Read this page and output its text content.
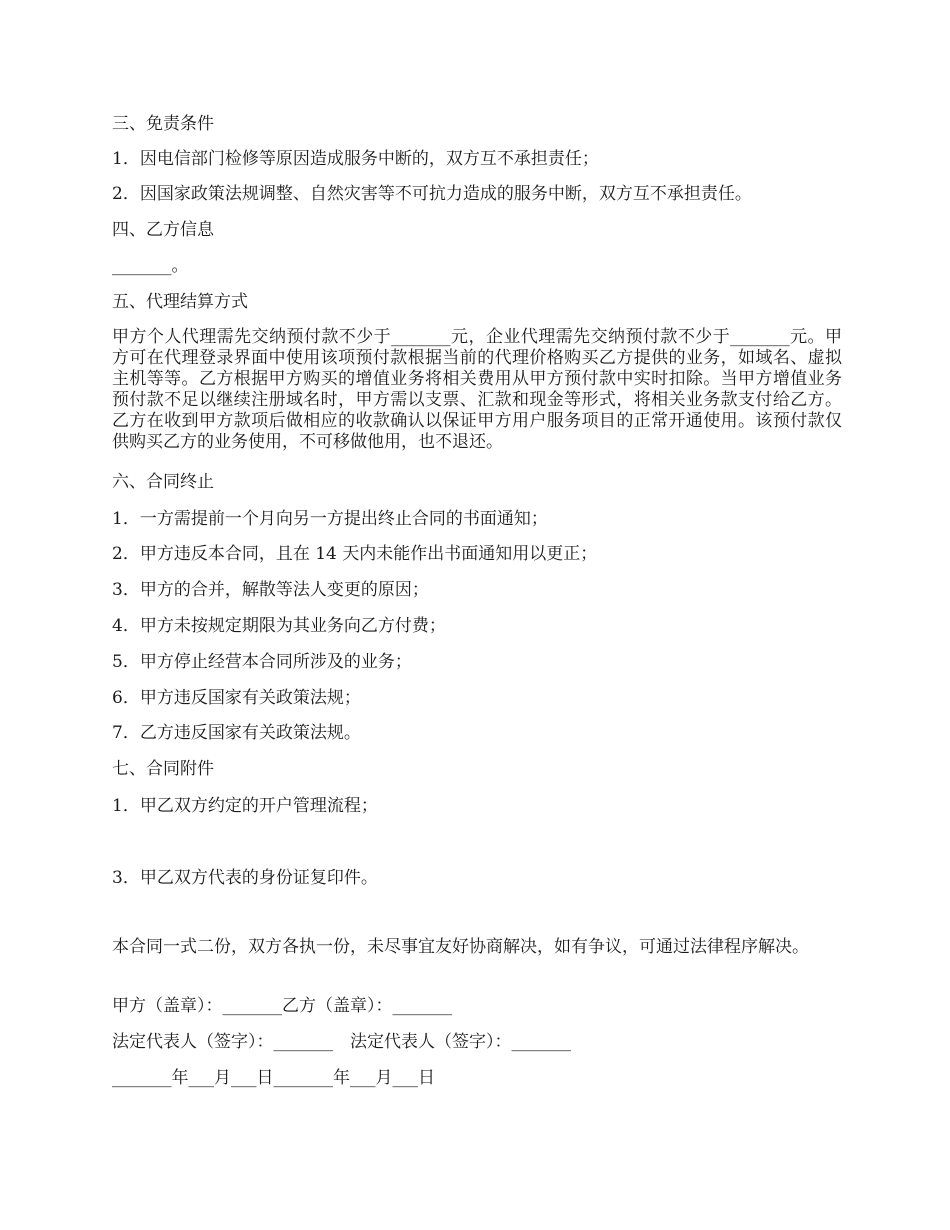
三、免责条件
1．因电信部门检修等原因造成服务中断的，双方互不承担责任；
2．因国家政策法规调整、自然灾害等不可抗力造成的服务中断，双方互不承担责任。
四、乙方信息
_______。
五、代理结算方式
甲方个人代理需先交纳预付款不少于_______元，企业代理需先交纳预付款不少于_______元。甲方可在代理登录界面中使用该项预付款根据当前的代理价格购买乙方提供的业务，如域名、虚拟主机等等。乙方根据甲方购买的增值业务将相关费用从甲方预付款中实时扣除。当甲方增值业务预付款不足以继续注册域名时，甲方需以支票、汇款和现金等形式，将相关业务款支付给乙方。乙方在收到甲方款项后做相应的收款确认以保证甲方用户服务项目的正常开通使用。该预付款仅供购买乙方的业务使用，不可移做他用，也不退还。
六、合同终止
1．一方需提前一个月向另一方提出终止合同的书面通知；
2．甲方违反本合同，且在 14 天内未能作出书面通知用以更正；
3．甲方的合并，解散等法人变更的原因；
4．甲方未按规定期限为其业务向乙方付费；
5．甲方停止经营本合同所涉及的业务；
6．甲方违反国家有关政策法规；
7．乙方违反国家有关政策法规。
七、合同附件
1．甲乙双方约定的开户管理流程；
3．甲乙双方代表的身份证复印件。
本合同一式二份，双方各执一份，未尽事宜友好协商解决，如有争议，可通过法律程序解决。
甲方（盖章）：_______乙方（盖章）：_______
法定代表人（签字）：_______　法定代表人（签字）：_______
_______年___月___日_______年___月___日
